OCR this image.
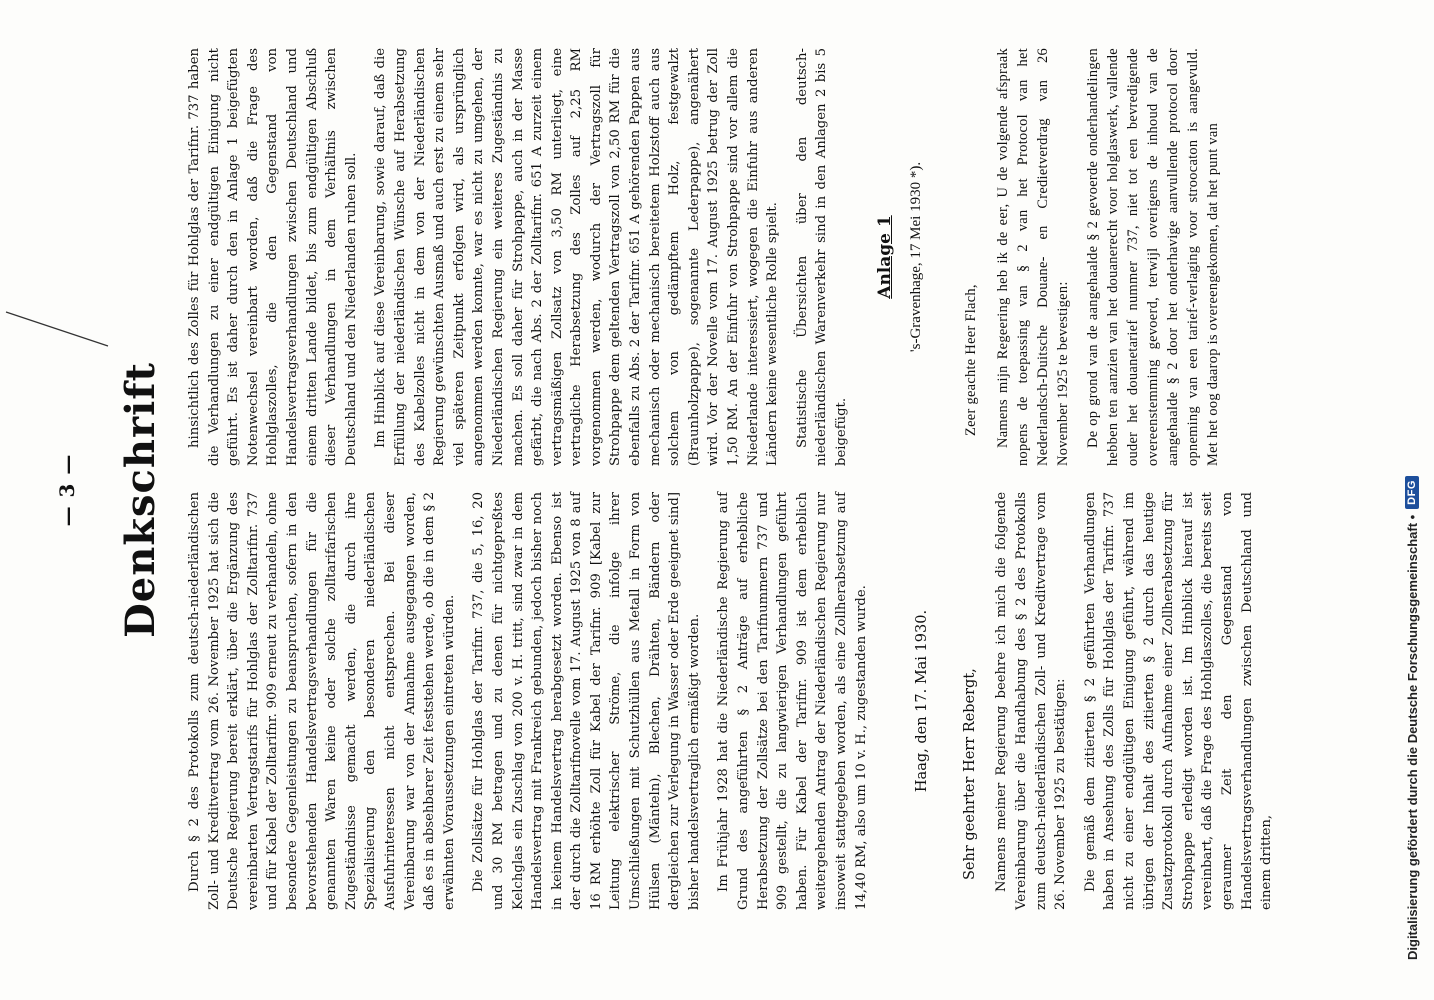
— 3 — Denkschrift Durch § 2 des Protokolls zum deutsch-niederländischen Zoll- und Kreditvertrag vom 26. November 1925 hat sich die Deutsche Regierung bereit erklärt, über die Ergänzung des vereinbarten Vertragstarifs für Hohlglas der Zolltarifnr. 737 und für Kabel der Zolltarifnr. 909 erneut zu verhandeln, ohne besondere Gegenleistungen zu beanspruchen, sofern in den bevorstehenden Handelsvertragsverhandlungen für die genannten Waren keine oder solche zolltarifarischen Zugeständnisse gemacht werden, die durch ihre Spezialisierung den besonderen niederländischen Ausfuhrinteressen nicht entsprechen. Bei dieser Vereinbarung war von der Annahme ausgegangen worden, daß es in absehbarer Zeit feststehen werde, ob die in dem § 2 erwähnten Voraussetzungen eintreten würden. Die Zollsätze für Hohlglas der Tarifnr. 737, die 5, 16, 20 und 30 RM betragen und zu denen für nichtgepreßtes Kelchglas ein Zuschlag von 200 v. H. tritt, sind zwar in dem Handelsvertrag mit Frankreich gebunden, jedoch bisher noch in keinem Handelsvertrag herabgesetzt worden. Ebenso ist der durch die Zolltarifnovelle vom 17. August 1925 von 8 auf 16 RM erhöhte Zoll für Kabel der Tarifnr. 909 [Kabel zur Leitung elektrischer Ströme, die infolge ihrer Umschließungen mit Schutzhüllen aus Metall in Form von Hülsen (Mänteln), Blechen, Drähten, Bändern oder dergleichen zur Verlegung in Wasser oder Erde geeignet sind] bisher handelsvertraglich ermäßigt worden. Im Frühjahr 1928 hat die Niederländische Regierung auf Grund des angeführten § 2 Anträge auf erhebliche Herabsetzung der Zollsätze bei den Tarifnummern 737 und 909 gestellt, die zu langwierigen Verhandlungen geführt haben. Für Kabel der Tarifnr. 909 ist dem erheblich weitergehenden Antrag der Niederländischen Regierung nur insoweit stattgegeben worden, als eine Zollherabsetzung auf 14,40 RM, also um 10 v. H., zugestanden wurde.	Haag, den 17. Mai 1930. Sehr geehrter Herr Rebergt, Namens meiner Regierung beehre ich mich die folgende Vereinbarung über die Handhabung des § 2 des Protokolls zum deutsch-niederländischen Zoll- und Kreditvertrage vom 26. November 1925 zu bestätigen: Die gemäß dem zitierten § 2 geführten Verhandlungen haben in Ansehung des Zolls für Hohlglas der Tarifnr. 737 nicht zu einer endgültigen Einigung geführt, während im übrigen der Inhalt des zitierten § 2 durch das heutige Zusatzprotokoll durch Aufnahme einer Zollherabsetzung für Strohpappe erledigt worden ist. Im Hinblick hierauf ist vereinbart, daß die Frage des Hohlglaszolles, die bereits seit geraumer Zeit den Gegenstand von Handelsvertragsverhandlungen zwischen Deutschland und einem dritten,

hinsichtlich des Zolles für Hohlglas der Tarifnr. 737 haben die Verhandlungen zu einer endgültigen Einigung nicht geführt. Es ist daher durch den in Anlage 1 beigefügten Notenwechsel vereinbart worden, daß die Frage des Hohlglaszolles, die den Gegenstand von Handelsvertragsverhandlungen zwischen Deutschland und einem dritten Lande bildet, bis zum endgültigen Abschluß dieser Verhandlungen in dem Verhältnis zwischen Deutschland und den Niederlanden ruhen soll. Im Hinblick auf diese Vereinbarung, sowie darauf, daß die Erfüllung der niederländischen Wünsche auf Herabsetzung des Kabelzolles nicht in dem von der Niederländischen Regierung gewünschten Ausmaß und auch erst zu einem sehr viel späteren Zeitpunkt erfolgen wird, als ursprünglich angenommen werden konnte, war es nicht zu umgehen, der Niederländischen Regierung ein weiteres Zugeständnis zu machen. Es soll daher für Strohpappe, auch in der Masse gefärbt, die nach Abs. 2 der Zolltarifnr. 651 A zurzeit einem vertragsmäßigen Zollsatz von 3,50 RM unterliegt, eine vertragliche Herabsetzung des Zolles auf 2,25 RM vorgenommen werden, wodurch der Vertragszoll für Strohpappe dem geltenden Vertragszoll von 2,50 RM für die ebenfalls zu Abs. 2 der Tarifnr. 651 A gehörenden Pappen aus mechanisch oder mechanisch bereitetem Holzstoff auch aus solchem von gedämpftem Holz, festgewalzt (Braunholzpappe), sogenannte Lederpappe), angenähert wird. Vor der Novelle vom 17. August 1925 betrug der Zoll 1,50 RM. An der Einfuhr von Strohpappe sind vor allem die Niederlande interessiert, wogegen die Einfuhr aus anderen Ländern keine wesentliche Rolle spielt. Statistische Übersichten über den deutsch-niederländischen Warenverkehr sind in den Anlagen 2 bis 5 beigefügt.

Anlage 1 's-Gravenhage, 17 Mei 1930 *).

Zeer geachte Heer Flach, Namens mijn Regeering heb ik de eer, U de volgende afspraak nopens de toepassing van § 2 van het Protocol van het Nederlandsch-Duitsche Douane- en Credietverdrag van 26 November 1925 te bevestigen: De op grond van de aangehaalde § 2 gevoerde onderhandelingen hebben ten aanzien van het douanerecht voor holglaswerk, vallende ouder het douanetarief nummer 737, niet tot een bevredigende overeenstemming gevoerd, terwijl overigens de inhoud van de aangehaalde § 2 door het onderhavige aanvullende protocol door opneming van een tarief-verlaging voor stroocaton is aangevuld. Met het oog daarop is overeengekomen, dat het punt van

Digitalisierung gefördert durch die Deutsche Forschungsgemeinschaft •
DFG
